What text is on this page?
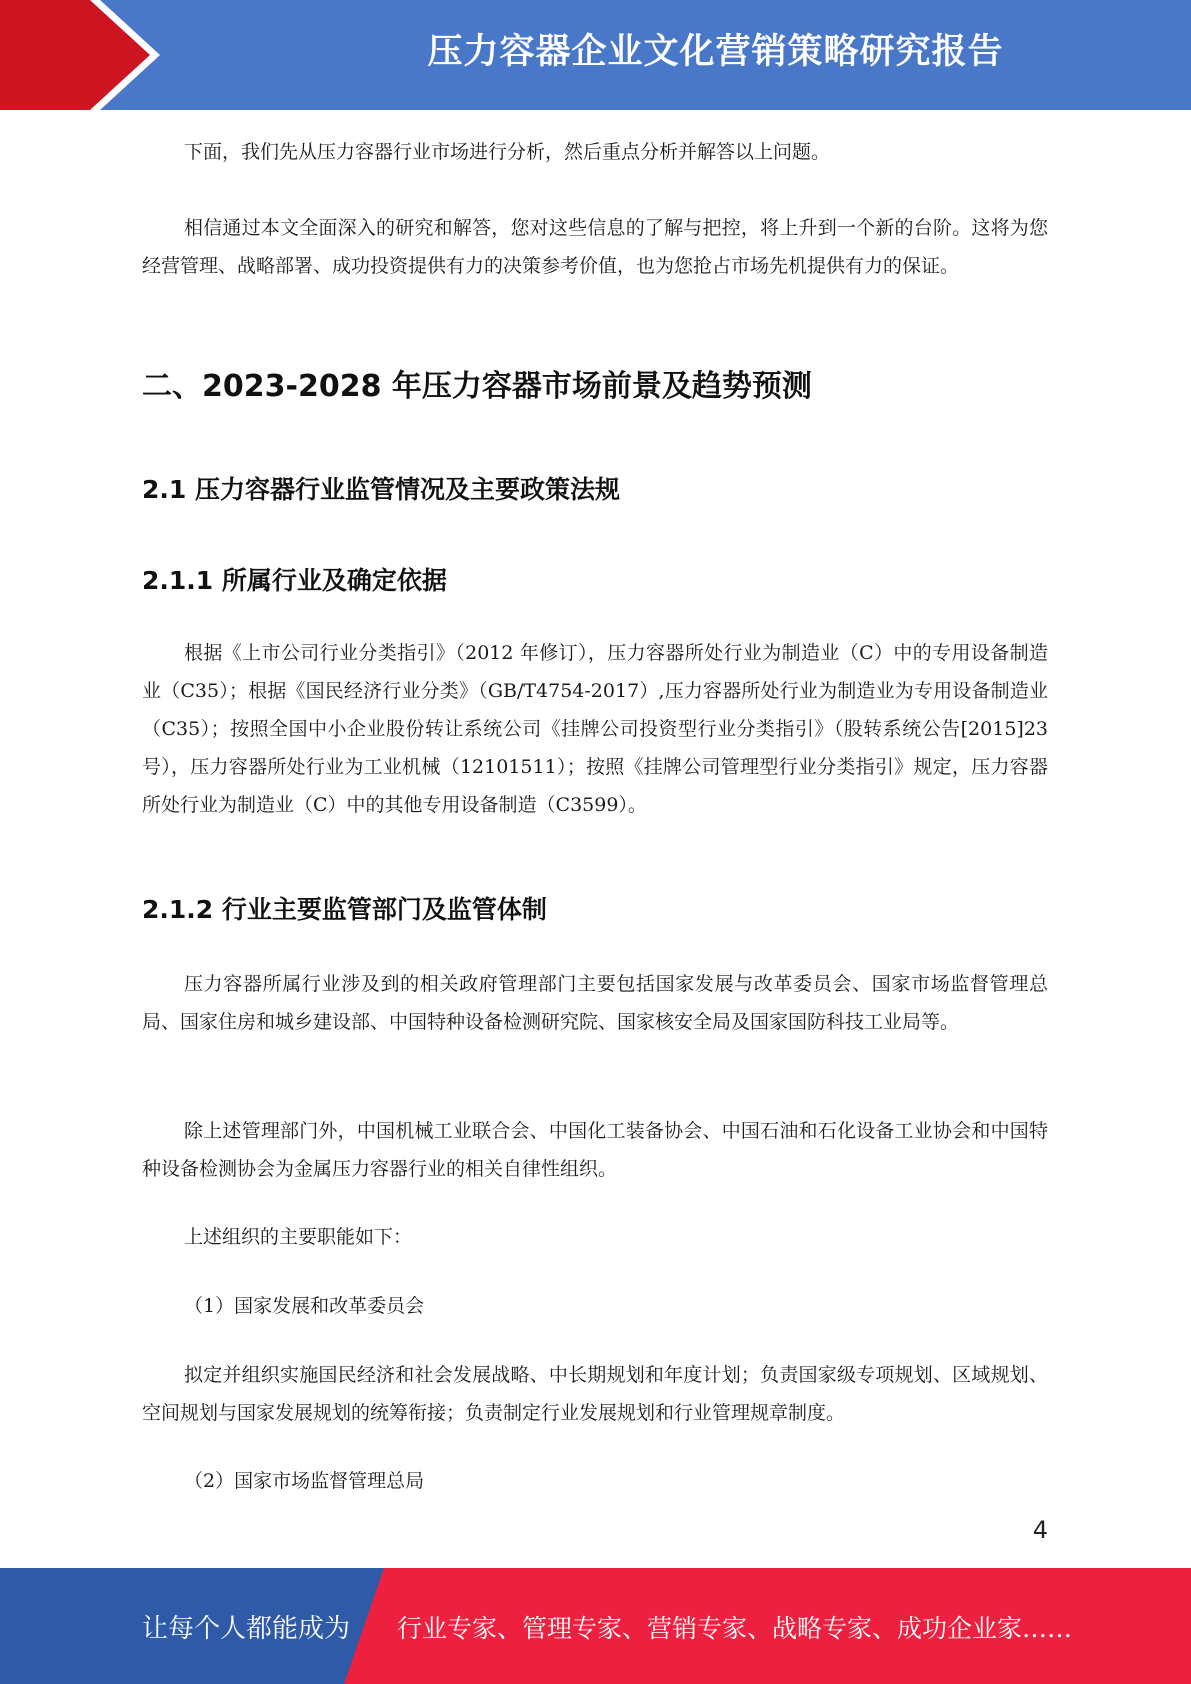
压力容器企业文化营销策略研究报告

下面，我们先从压力容器行业市场进行分析，然后重点分析并解答以上问题。

相信通过本文全面深入的研究和解答，您对这些信息的了解与把控，将上升到一个新的台阶。这将为您经营管理、战略部署、成功投资提供有力的决策参考价值，也为您抢占市场先机提供有力的保证。

二、2023-2028 年压力容器市场前景及趋势预测
2.1 压力容器行业监管情况及主要政策法规
2.1.1 所属行业及确定依据

根据《上市公司行业分类指引》（2012 年修订），压力容器所处行业为制造业（C）中的专用设备制造业（C35）；根据《国民经济行业分类》（GB/T4754-2017）,压力容器所处行业为制造业为专用设备制造业（C35）；按照全国中小企业股份转让系统公司《挂牌公司投资型行业分类指引》（股转系统公告[2015]23 号），压力容器所处行业为工业机械（12101511）；按照《挂牌公司管理型行业分类指引》规定，压力容器所处行业为制造业（C）中的其他专用设备制造（C3599）。

2.1.2 行业主要监管部门及监管体制

压力容器所属行业涉及到的相关政府管理部门主要包括国家发展与改革委员会、国家市场监督管理总局、国家住房和城乡建设部、中国特种设备检测研究院、国家核安全局及国家国防科技工业局等。

除上述管理部门外，中国机械工业联合会、中国化工装备协会、中国石油和石化设备工业协会和中国特种设备检测协会为金属压力容器行业的相关自律性组织。

上述组织的主要职能如下：

（1）国家发展和改革委员会

拟定并组织实施国民经济和社会发展战略、中长期规划和年度计划；负责国家级专项规划、区域规划、空间规划与国家发展规划的统筹衔接；负责制定行业发展规划和行业管理规章制度。

（2）国家市场监督管理总局

4
让每个人都能成为 行业专家、管理专家、营销专家、战略专家、成功企业家……
